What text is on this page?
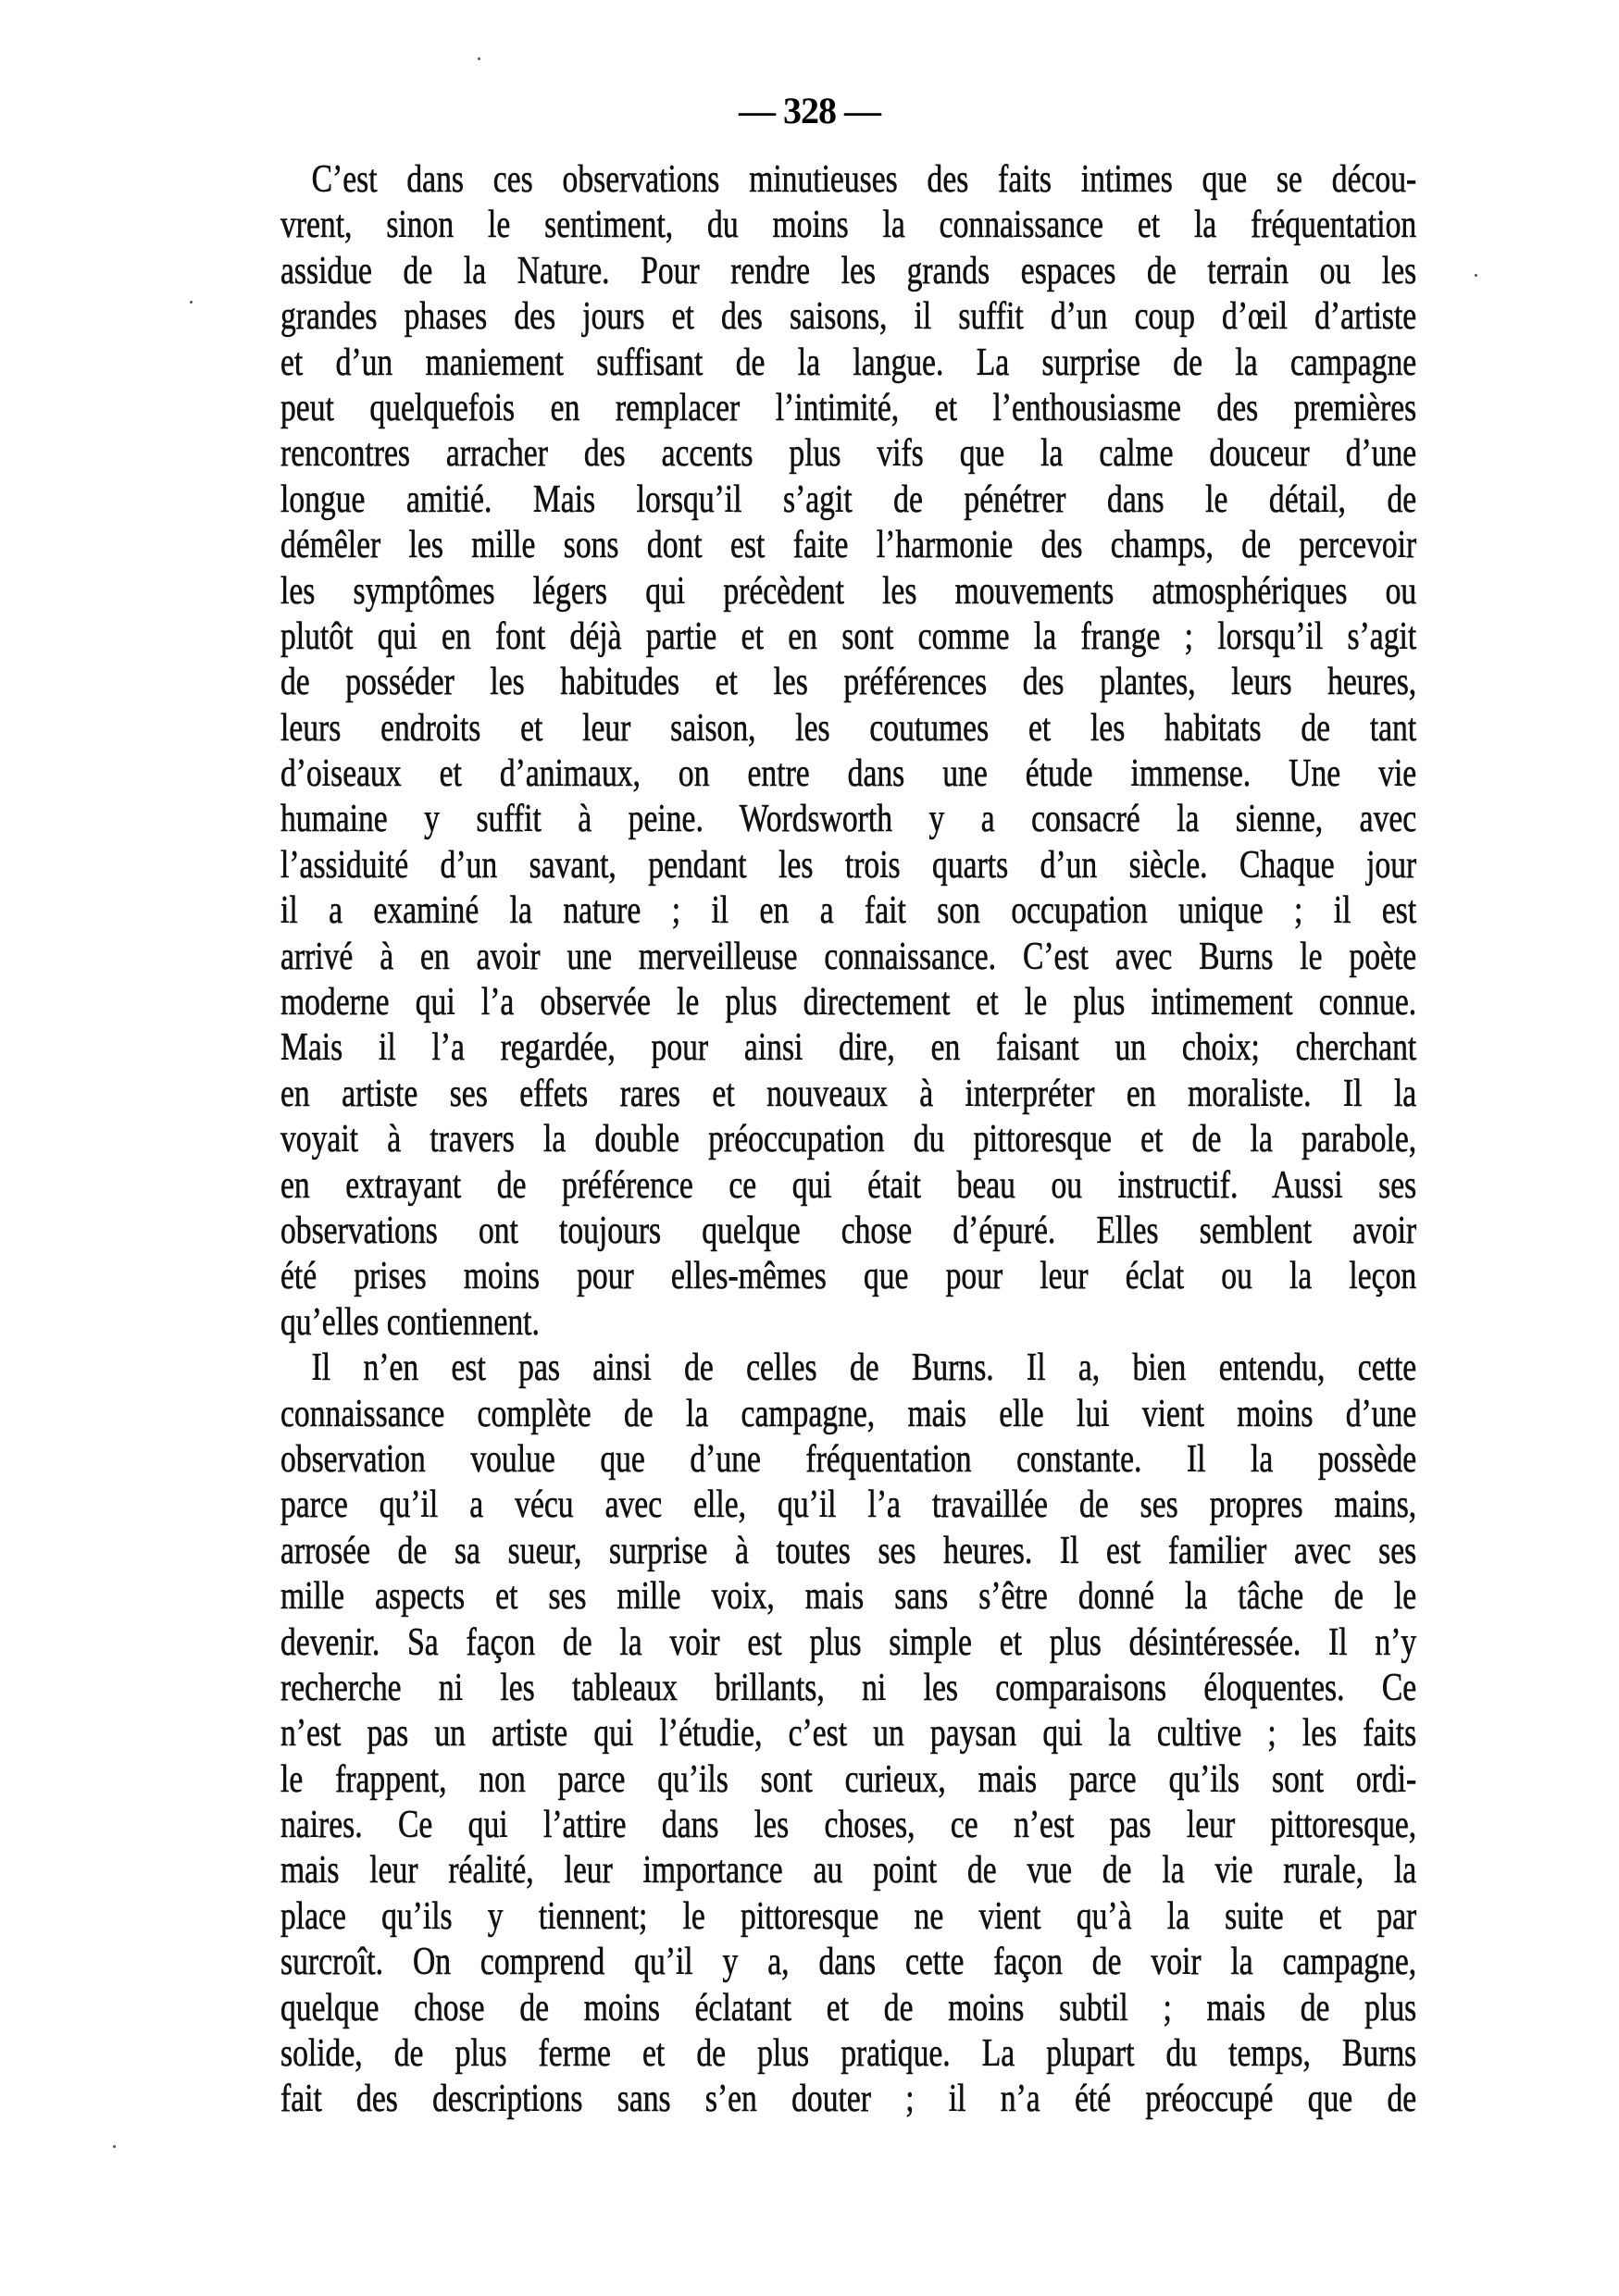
— 328 —
C’est dans ces observations minutieuses des faits intimes que se décou-
vrent, sinon le sentiment, du moins la connaissance et la fréquentation
assidue de la Nature. Pour rendre les grands espaces de terrain ou les
grandes phases des jours et des saisons, il suffit d’un coup d’œil d’artiste
et d’un maniement suffisant de la langue. La surprise de la campagne
peut quelquefois en remplacer l’intimité, et l’enthousiasme des premières
rencontres arracher des accents plus vifs que la calme douceur d’une
longue amitié. Mais lorsqu’il s’agit de pénétrer dans le détail, de
démêler les mille sons dont est faite l’harmonie des champs, de percevoir
les symptômes légers qui précèdent les mouvements atmosphériques ou
plutôt qui en font déjà partie et en sont comme la frange ; lorsqu’il s’agit
de posséder les habitudes et les préférences des plantes, leurs heures,
leurs endroits et leur saison, les coutumes et les habitats de tant
d’oiseaux et d’animaux, on entre dans une étude immense. Une vie
humaine y suffit à peine. Wordsworth y a consacré la sienne, avec
l’assiduité d’un savant, pendant les trois quarts d’un siècle. Chaque jour
il a examiné la nature ; il en a fait son occupation unique ; il est
arrivé à en avoir une merveilleuse connaissance. C’est avec Burns le poète
moderne qui l’a observée le plus directement et le plus intimement connue.
Mais il l’a regardée, pour ainsi dire, en faisant un choix; cherchant
en artiste ses effets rares et nouveaux à interpréter en moraliste. Il la
voyait à travers la double préoccupation du pittoresque et de la parabole,
en extrayant de préférence ce qui était beau ou instructif. Aussi ses
observations ont toujours quelque chose d’épuré. Elles semblent avoir
été prises moins pour elles-mêmes que pour leur éclat ou la leçon
qu’elles contiennent.
Il n’en est pas ainsi de celles de Burns. Il a, bien entendu, cette
connaissance complète de la campagne, mais elle lui vient moins d’une
observation voulue que d’une fréquentation constante. Il la possède
parce qu’il a vécu avec elle, qu’il l’a travaillée de ses propres mains,
arrosée de sa sueur, surprise à toutes ses heures. Il est familier avec ses
mille aspects et ses mille voix, mais sans s’être donné la tâche de le
devenir. Sa façon de la voir est plus simple et plus désintéressée. Il n’y
recherche ni les tableaux brillants, ni les comparaisons éloquentes. Ce
n’est pas un artiste qui l’étudie, c’est un paysan qui la cultive ; les faits
le frappent, non parce qu’ils sont curieux, mais parce qu’ils sont ordi-
naires. Ce qui l’attire dans les choses, ce n’est pas leur pittoresque,
mais leur réalité, leur importance au point de vue de la vie rurale, la
place qu’ils y tiennent; le pittoresque ne vient qu’à la suite et par
surcroît. On comprend qu’il y a, dans cette façon de voir la campagne,
quelque chose de moins éclatant et de moins subtil ; mais de plus
solide, de plus ferme et de plus pratique. La plupart du temps, Burns
fait des descriptions sans s’en douter ; il n’a été préoccupé que de
